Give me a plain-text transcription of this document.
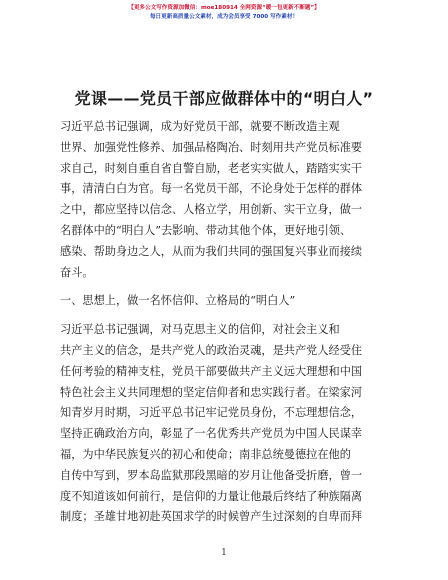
【更多公文写作资源加微信：moe180914 全网资源“暖一包更新不断题”】
每日更新高质量公文素材，成为会员享受 7000 写作素材！
党课——党员干部应做群体中的“明白人”
习近平总书记强调，成为好党员干部，就要不断改造主观
世界、加强党性修养、加强品格陶冶、时刻用共产党员标准要
求自己，时刻自重自省自警自励，老老实实做人，踏踏实实干
事，清清白白为官。每一名党员干部，不论身处于怎样的群体
之中，都应坚持以信念、人格立学，用创新、实干立身，做一
名群体中的“明白人”去影响、带动其他个体，更好地引领、
感染、帮助身边之人，从而为我们共同的强国复兴事业而接续
奋斗。
一、思想上，做一名怀信仰、立格局的“明白人”
习近平总书记强调，对马克思主义的信仰，对社会主义和
共产主义的信念，是共产党人的政治灵魂，是共产党人经受住
任何考验的精神支柱，党员干部要做共产主义远大理想和中国
特色社会主义共同理想的坚定信仰者和忠实践行者。在梁家河
知青岁月时期，习近平总书记牢记党员身份，不忘理想信念，
坚持正确政治方向，彰显了一名优秀共产党员为中国人民谋幸
福，为中华民族复兴的初心和使命；南非总统曼德拉在他的
自传中写到，罗本岛监狱那段黑暗的岁月让他备受折磨，曾一
度不知道该如何前行，是信仰的力量让他最后终结了种族隔离
制度；圣雄甘地初赴英国求学的时候曾产生过深刻的自卑而拜
1
